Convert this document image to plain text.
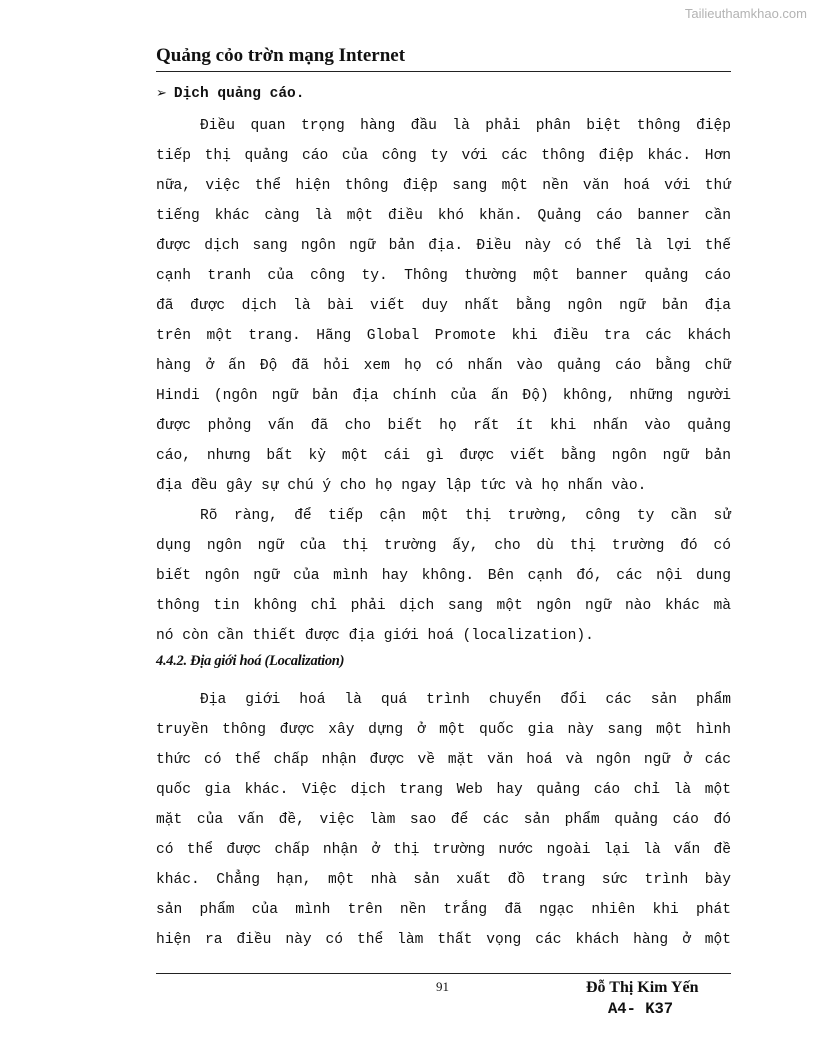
Tailieuthamkhao.com
Quảng cỏo trờn mạng Internet
➢ Dịch quảng cáo.
Điều quan trọng hàng đầu là phải phân biệt thông điệp
tiếp thị quảng cáo của công ty với các thông điệp khác. Hơn
nữa, việc thể hiện thông điệp sang một nền văn hoá với thứ
tiếng khác càng là một điều khó khăn. Quảng cáo banner cần
được dịch sang ngôn ngữ bản địa. Điều này có thể là lợi thế
cạnh tranh của công ty. Thông thường một banner quảng cáo
đã được dịch là bài viết duy nhất bằng ngôn ngữ bản địa
trên một trang. Hãng Global Promote khi điều tra các khách
hàng ở ấn Độ đã hỏi xem họ có nhấn vào quảng cáo bằng chữ
Hindi (ngôn ngữ bản địa chính của ấn Độ) không, những người
được phỏng vấn đã cho biết họ rất ít khi nhấn vào quảng
cáo, nhưng bất kỳ một cái gì được viết bằng ngôn ngữ bản
địa đều gây sự chú ý cho họ ngay lập tức và họ nhấn vào.
Rõ ràng, để tiếp cận một thị trường, công ty cần sử
dụng ngôn ngữ của thị trường ấy, cho dù thị trường đó có
biết ngôn ngữ của mình hay không. Bên cạnh đó, các nội dung
thông tin không chỉ phải dịch sang một ngôn ngữ nào khác mà
nó còn cần thiết được địa giới hoá (localization).
4.4.2. Địa giới hoá (Localization)
Địa giới hoá là quá trình chuyển đổi các sản phẩm
truyền thông được xây dựng ở một quốc gia này sang một hình
thức có thể chấp nhận được về mặt văn hoá và ngôn ngữ ở các
quốc gia khác. Việc dịch trang Web hay quảng cáo chỉ là một
mặt của vấn đề, việc làm sao để các sản phẩm quảng cáo đó
có thể được chấp nhận ở thị trường nước ngoài lại là vấn đề
khác. Chẳng hạn, một nhà sản xuất đồ trang sức trình bày
sản phẩm của mình trên nền trắng đã ngạc nhiên khi phát
hiện ra điều này có thể làm thất vọng các khách hàng ở một
91	Đỗ Thị Kim Yến
A4- K37
